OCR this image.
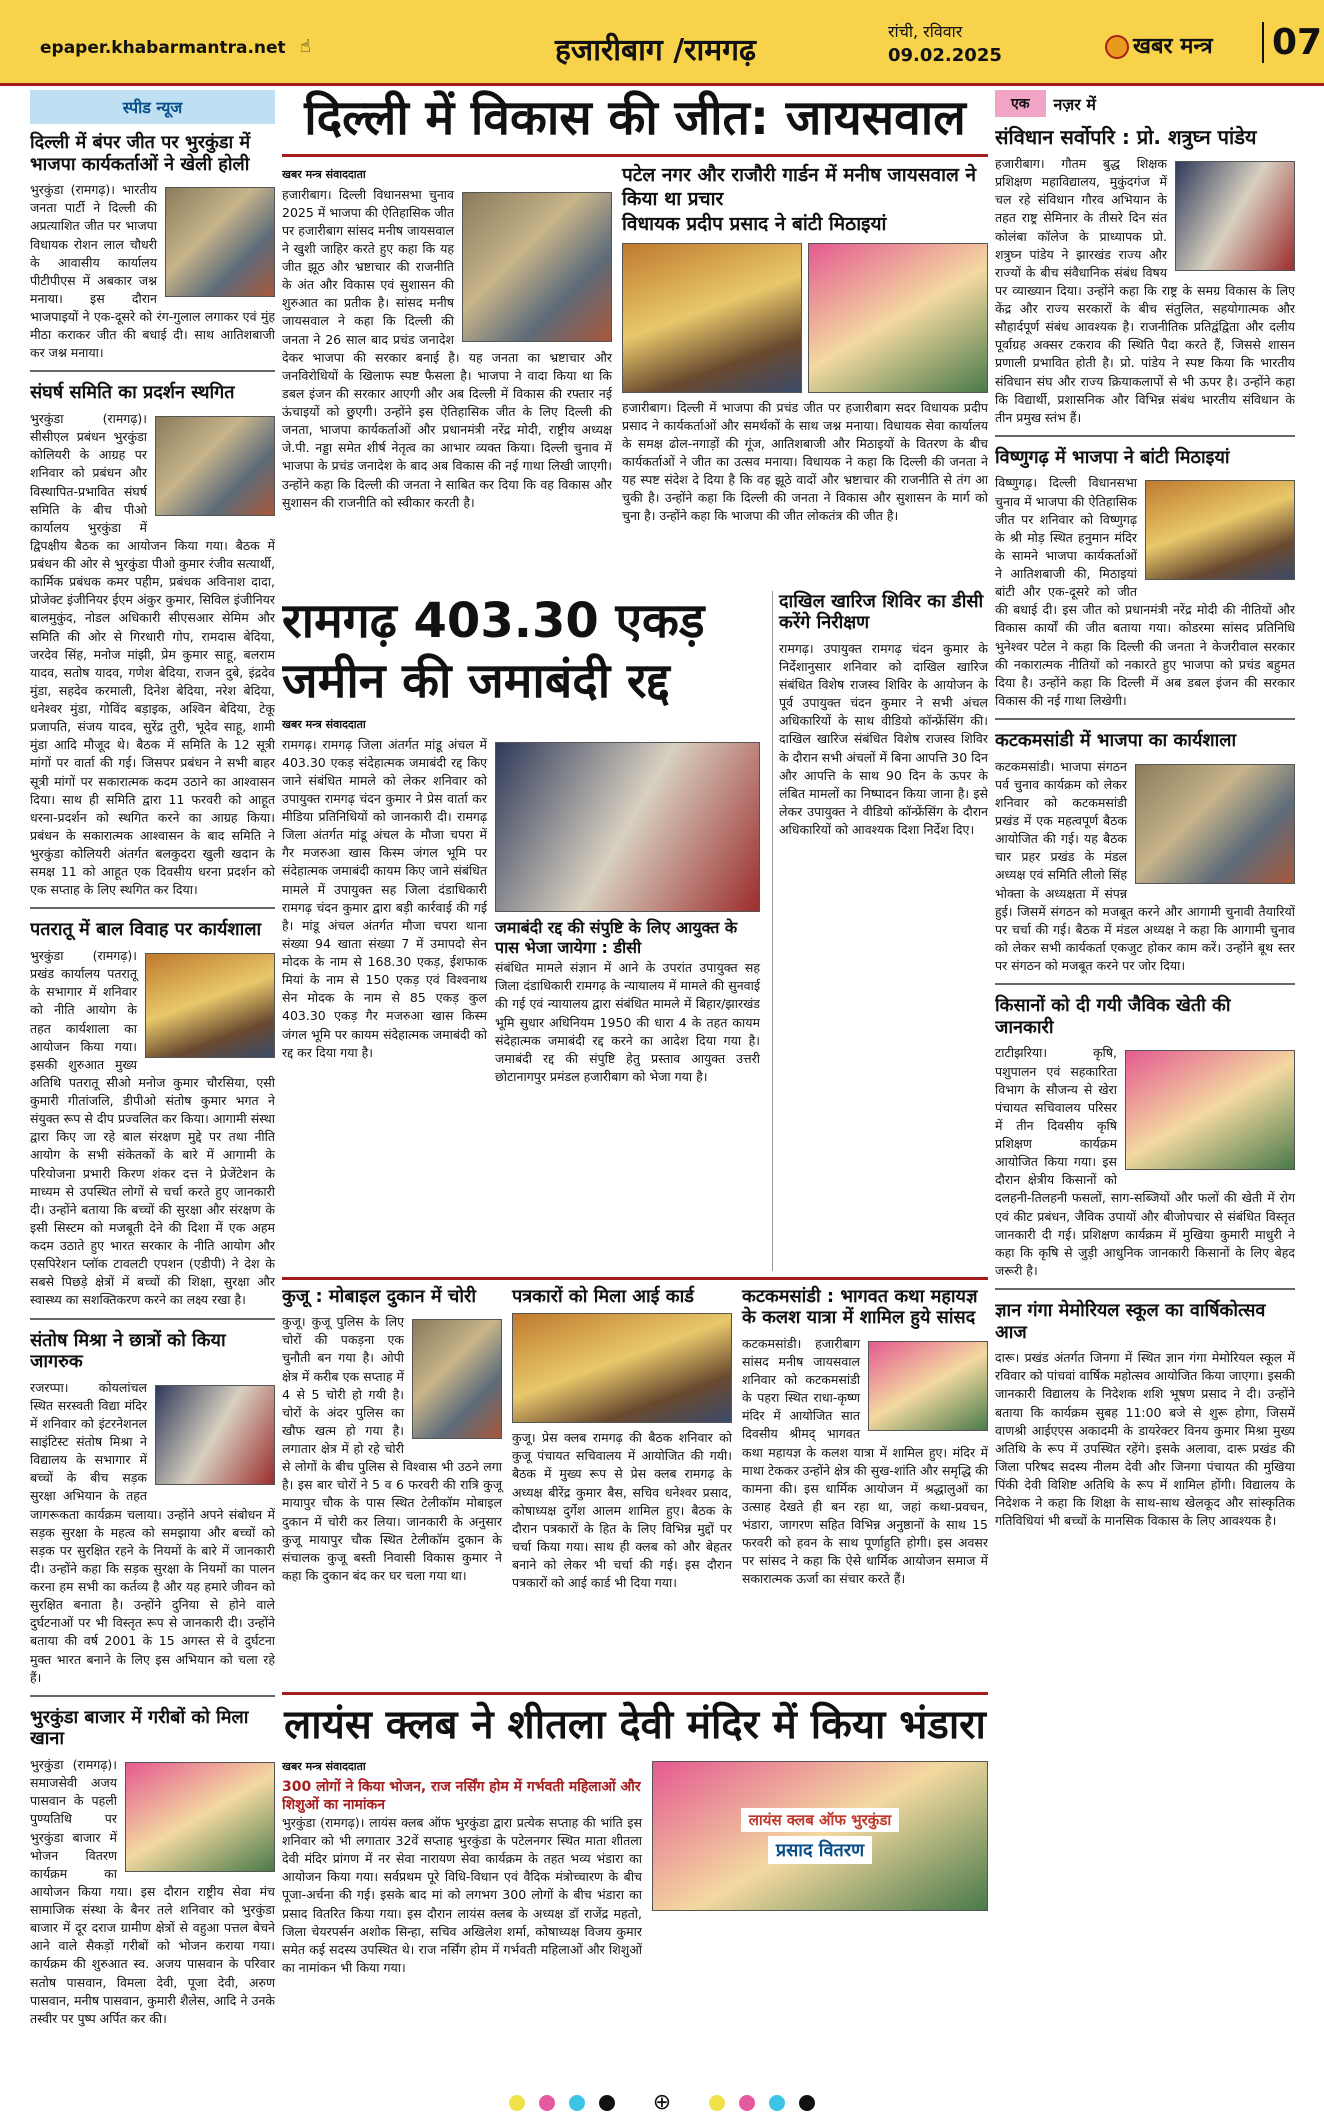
epaper.khabarmantra.net ☝	हजारीबाग /रामगढ़
रांची, रविवार
09.02.2025	खबर मन्त्र 07
स्पीड न्यूज
दिल्ली में बंपर जीत पर भुरकुंडा में भाजपा कार्यकर्ताओं ने खेली होली
भुरकुंडा (रामगढ़)। भारतीय जनता पार्टी ने दिल्ली की अप्रत्याशित जीत पर भाजपा विधायक रोशन लाल चौधरी के आवासीय कार्यालय पीटीपीएस में अबकार जश्न मनाया। इस दौरान भाजपाइयों ने एक-दूसरे को रंग-गुलाल लगाकर एवं मुंह मीठा कराकर जीत की बधाई दी। साथ आतिशबाजी कर जश्न मनाया।
संघर्ष समिति का प्रदर्शन स्थगित
भुरकुंडा (रामगढ़)। सीसीएल प्रबंधन भुरकुंडा कोलियरी के आग्रह पर शनिवार को प्रबंधन और विस्थापित-प्रभावित संघर्ष समिति के बीच पीओ कार्यालय भुरकुंडा में द्विपक्षीय बैठक का आयोजन किया गया। बैठक में प्रबंधन की ओर से भुरकुंडा पीओ कुमार रंजीव सत्यार्थी, कार्मिक प्रबंधक कमर पहीम, प्रबंधक अविनाश दादा, प्रोजेक्ट इंजीनियर ईएम अंकुर कुमार, सिविल इंजीनियर बालमुकुंद, नोडल अधिकारी सीएसआर सेमिम और समिति की ओर से गिरधारी गोप, रामदास बेदिया, जरदेव सिंह, मनोज मांझी, प्रेम कुमार साहू, बलराम यादव, सतोष यादव, गणेश बेदिया, राजन दुबे, इंद्रदेव मुंडा, सहदेव करमाली, दिनेश बेदिया, नरेश बेदिया, धनेश्वर मुंडा, गोविंद बड़ाइक, अश्विन बेदिया, टेकू प्रजापति, संजय यादव, सुरेंद्र तुरी, भूदेव साहू, शामी मुंडा आदि मौजूद थे। बैठक में समिति के 12 सूत्री मांगों पर वार्ता की गई। जिसपर प्रबंधन ने सभी बाहर सूत्री मांगों पर सकारात्मक कदम उठाने का आश्वासन दिया। साथ ही समिति द्वारा 11 फरवरी को आहूत धरना-प्रदर्शन को स्थगित करने का आग्रह किया। प्रबंधन के सकारात्मक आश्वासन के बाद समिति ने भुरकुंडा कोलियरी अंतर्गत बलकुदरा खुली खदान के समक्ष 11 को आहूत एक दिवसीय धरना प्रदर्शन को एक सप्ताह के लिए स्थगित कर दिया।
पतरातू में बाल विवाह पर कार्यशाला
भुरकुंडा (रामगढ़)। प्रखंड कार्यालय पतरातू के सभागार में शनिवार को नीति आयोग के तहत कार्यशाला का आयोजन किया गया। इसकी शुरुआत मुख्य अतिथि पतरातू सीओ मनोज कुमार चौरसिया, एसी कुमारी गीतांजलि, डीपीओ संतोष कुमार भगत ने संयुक्त रूप से दीप प्रज्वलित कर किया। आगामी संस्था द्वारा किए जा रहे बाल संरक्षण मुद्दे पर तथा नीति आयोग के सभी संकेतकों के बारे में आगामी के परियोजना प्रभारी किरण शंकर दत्त ने प्रेजेंटेशन के माध्यम से उपस्थित लोगों से चर्चा करते हुए जानकारी दी। उन्होंने बताया कि बच्चों की सुरक्षा और संरक्षण के इसी सिस्टम को मजबूती देने की दिशा में एक अहम कदम उठाते हुए भारत सरकार के नीति आयोग और एसपिरेशन प्लॉक टावलटी एपशन (एडीपी) ने देश के सबसे पिछड़े क्षेत्रों में बच्चों की शिक्षा, सुरक्षा और स्वास्थ्य का सशक्तिकरण करने का लक्ष्य रखा है।
संतोष मिश्रा ने छात्रों को किया जागरुक
रजरप्पा। कोयलांचल स्थित सरस्वती विद्या मंदिर में शनिवार को इंटरनेशनल साइंटिस्ट संतोष मिश्रा ने विद्यालय के सभागार में बच्चों के बीच सड़क सुरक्षा अभियान के तहत जागरूकता कार्यक्रम चलाया। उन्होंने अपने संबोधन में सड़क सुरक्षा के महत्व को समझाया और बच्चों को सड़क पर सुरक्षित रहने के नियमों के बारे में जानकारी दी। उन्होंने कहा कि सड़क सुरक्षा के नियमों का पालन करना हम सभी का कर्तव्य है और यह हमारे जीवन को सुरक्षित बनाता है। उन्होंने दुनिया से होने वाले दुर्घटनाओं पर भी विस्तृत रूप से जानकारी दी। उन्होंने बताया की वर्ष 2001 के 15 अगस्त से वे दुर्घटना मुक्त भारत बनाने के लिए इस अभियान को चला रहे हैं।
भुरकुंडा बाजार में गरीबों को मिला खाना
भुरकुंडा (रामगढ़)। समाजसेवी अजय पासवान के पहली पुण्यतिथि पर भुरकुंडा बाजार में भोजन वितरण कार्यक्रम का आयोजन किया गया। इस दौरान राष्ट्रीय सेवा मंच सामाजिक संस्था के बैनर तले शनिवार को भुरकुंडा बाजार में दूर दराज ग्रामीण क्षेत्रों से वहुआ पत्तल बेचने आने वाले सैकड़ों गरीबों को भोजन कराया गया। कार्यक्रम की शुरुआत स्व. अजय पासवान के परिवार सतोष पासवान, विमला देवी, पूजा देवी, अरुण पासवान, मनीष पासवान, कुमारी शैलेस, आदि ने उनके तस्वीर पर पुष्प अर्पित कर की।
दिल्ली में विकास की जीत: जायसवाल
खबर मन्त्र संवाददाता
हजारीबाग। दिल्ली विधानसभा चुनाव 2025 में भाजपा की ऐतिहासिक जीत पर हजारीबाग सांसद मनीष जायसवाल ने खुशी जाहिर करते हुए कहा कि यह जीत झूठ और भ्रष्टाचार की राजनीति के अंत और विकास एवं सुशासन की शुरुआत का प्रतीक है। सांसद मनीष जायसवाल ने कहा कि दिल्ली की जनता ने 26 साल बाद प्रचंड जनादेश देकर भाजपा की सरकार बनाई है। यह जनता का भ्रष्टाचार और जनविरोधियों के खिलाफ स्पष्ट फैसला है। भाजपा ने वादा किया था कि डबल इंजन की सरकार आएगी और अब दिल्ली में विकास की रफ्तार नई ऊंचाइयों को छुएगी। उन्होंने इस ऐतिहासिक जीत के लिए दिल्ली की जनता, भाजपा कार्यकर्ताओं और प्रधानमंत्री नरेंद्र मोदी, राष्ट्रीय अध्यक्ष जे.पी. नड्डा समेत शीर्ष नेतृत्व का आभार व्यक्त किया। दिल्ली चुनाव में भाजपा के प्रचंड जनादेश के बाद अब विकास की नई गाथा लिखी जाएगी। उन्होंने कहा कि दिल्ली की जनता ने साबित कर दिया कि वह विकास और सुशासन की राजनीति को स्वीकार करती है।
पटेल नगर और राजौरी गार्डन में मनीष जायसवाल ने किया था प्रचार
विधायक प्रदीप प्रसाद ने बांटी मिठाइयां
हजारीबाग। दिल्ली में भाजपा की प्रचंड जीत पर हजारीबाग सदर विधायक प्रदीप प्रसाद ने कार्यकर्ताओं और समर्थकों के साथ जश्न मनाया। विधायक सेवा कार्यालय के समक्ष ढोल-नगाड़ों की गूंज, आतिशबाजी और मिठाइयों के वितरण के बीच कार्यकर्ताओं ने जीत का उत्सव मनाया। विधायक ने कहा कि दिल्ली की जनता ने यह स्पष्ट संदेश दे दिया है कि वह झूठे वादों और भ्रष्टाचार की राजनीति से तंग आ चुकी है। उन्होंने कहा कि दिल्ली की जनता ने विकास और सुशासन के मार्ग को चुना है। उन्होंने कहा कि भाजपा की जीत लोकतंत्र की जीत है।
रामगढ़ 403.30 एकड़ जमीन की जमाबंदी रद्द
खबर मन्त्र संवाददाता
रामगढ़। रामगढ़ जिला अंतर्गत मांडू अंचल में 403.30 एकड़ संदेहात्मक जमाबंदी रद्द किए जाने संबंधित मामले को लेकर शनिवार को उपायुक्त रामगढ़ चंदन कुमार ने प्रेस वार्ता कर मीडिया प्रतिनिधियों को जानकारी दी। रामगढ़ जिला अंतर्गत मांडू अंचल के मौजा चपरा में गैर मजरुआ खास किस्म जंगल भूमि पर संदेहात्मक जमाबंदी कायम किए जाने संबंधित मामले में उपायुक्त सह जिला दंडाधिकारी रामगढ़ चंदन कुमार द्वारा बड़ी कार्रवाई की गई है। मांडू अंचल अंतर्गत मौजा चपरा थाना संख्या 94 खाता संख्या 7 में उमापदो सेन मोदक के नाम से 168.30 एकड़, ईशफाक मियां के नाम से 150 एकड़ एवं विश्वनाथ सेन मोदक के नाम से 85 एकड़ कुल 403.30 एकड़ गैर मजरुआ खास किस्म जंगल भूमि पर कायम संदेहात्मक जमाबंदी को रद्द कर दिया गया है।
जमाबंदी रद्द की संपुष्टि के लिए आयुक्त के पास भेजा जायेगा : डीसी
संबंधित मामले संज्ञान में आने के उपरांत उपायुक्त सह जिला दंडाधिकारी रामगढ़ के न्यायालय में मामले की सुनवाई की गई एवं न्यायालय द्वारा संबंधित मामले में बिहार/झारखंड भूमि सुधार अधिनियम 1950 की धारा 4 के तहत कायम संदेहात्मक जमाबंदी रद्द करने का आदेश दिया गया है। जमाबंदी रद्द की संपुष्टि हेतु प्रस्ताव आयुक्त उत्तरी छोटानागपुर प्रमंडल हजारीबाग को भेजा गया है।
दाखिल खारिज शिविर का डीसी करेंगे निरीक्षण
रामगढ़। उपायुक्त रामगढ़ चंदन कुमार के निर्देशानुसार शनिवार को दाखिल खारिज संबंधित विशेष राजस्व शिविर के आयोजन के पूर्व उपायुक्त चंदन कुमार ने सभी अंचल अधिकारियों के साथ वीडियो कॉन्फ्रेंसिंग की। दाखिल खारिज संबंधित विशेष राजस्व शिविर के दौरान सभी अंचलों में बिना आपत्ति 30 दिन और आपत्ति के साथ 90 दिन के ऊपर के लंबित मामलों का निष्पादन किया जाना है। इसे लेकर उपायुक्त ने वीडियो कॉन्फ्रेंसिंग के दौरान अधिकारियों को आवश्यक दिशा निर्देश दिए।
कुजू : मोबाइल दुकान में चोरी
कुजू। कुजू पुलिस के लिए चोरों की पकड़ना एक चुनौती बन गया है। ओपी क्षेत्र में करीब एक सप्ताह में 4 से 5 चोरी हो गयी है। चोरों के अंदर पुलिस का खौफ खत्म हो गया है। लगातार क्षेत्र में हो रहे चोरी से लोगों के बीच पुलिस से विश्वास भी उठने लगा है। इस बार चोरों ने 5 व 6 फरवरी की रात्रि कुजू मायापुर चौक के पास स्थित टेलीकॉम मोबाइल दुकान में चोरी कर लिया। जानकारी के अनुसार कुजू मायापुर चौक स्थित टेलीकॉम दुकान के संचालक कुजू बस्ती निवासी विकास कुमार ने कहा कि दुकान बंद कर घर चला गया था।
पत्रकारों को मिला आई कार्ड
कुजू। प्रेस क्लब रामगढ़ की बैठक शनिवार को कुजू पंचायत सचिवालय में आयोजित की गयी। बैठक में मुख्य रूप से प्रेस क्लब रामगढ़ के अध्यक्ष बीरेंद्र कुमार बैस, सचिव धनेश्वर प्रसाद, कोषाध्यक्ष दुर्गेश आलम शामिल हुए। बैठक के दौरान पत्रकारों के हित के लिए विभिन्न मुद्दों पर चर्चा किया गया। साथ ही क्लब को और बेहतर बनाने को लेकर भी चर्चा की गई। इस दौरान पत्रकारों को आई कार्ड भी दिया गया।
कटकमसांडी : भागवत कथा महायज्ञ के कलश यात्रा में शामिल हुये सांसद
कटकमसांडी। हजारीबाग सांसद मनीष जायसवाल शनिवार को कटकमसांडी के पहरा स्थित राधा-कृष्ण मंदिर में आयोजित सात दिवसीय श्रीमद् भागवत कथा महायज्ञ के कलश यात्रा में शामिल हुए। मंदिर में माथा टेककर उन्होंने क्षेत्र की सुख-शांति और समृद्धि की कामना की। इस धार्मिक आयोजन में श्रद्धालुओं का उत्साह देखते ही बन रहा था, जहां कथा-प्रवचन, भंडारा, जागरण सहित विभिन्न अनुष्ठानों के साथ 15 फरवरी को हवन के साथ पूर्णाहुति होगी। इस अवसर पर सांसद ने कहा कि ऐसे धार्मिक आयोजन समाज में सकारात्मक ऊर्जा का संचार करते हैं।
लायंस क्लब ने शीतला देवी मंदिर में किया भंडारा
खबर मन्त्र संवाददाता
300 लोगों ने किया भोजन, राज नर्सिंग होम में गर्भवती महिलाओं और शिशुओं का नामांकन
भुरकुंडा (रामगढ़)। लायंस क्लब ऑफ भुरकुंडा द्वारा प्रत्येक सप्ताह की भांति इस शनिवार को भी लगातार 32वें सप्ताह भुरकुंडा के पटेलनगर स्थित माता शीतला देवी मंदिर प्रांगण में नर सेवा नारायण सेवा कार्यक्रम के तहत भव्य भंडारा का आयोजन किया गया। सर्वप्रथम पूरे विधि-विधान एवं वैदिक मंत्रोच्चारण के बीच पूजा-अर्चना की गई। इसके बाद मां को लगभग 300 लोगों के बीच भंडारा का प्रसाद वितरित किया गया। इस दौरान लायंस क्लब के अध्यक्ष डॉ राजेंद्र महतो, जिला चेयरपर्सन अशोक सिन्हा, सचिव अखिलेश शर्मा, कोषाध्यक्ष विजय कुमार समेत कई सदस्य उपस्थित थे। राज नर्सिंग होम में गर्भवती महिलाओं और शिशुओं का नामांकन भी किया गया।
लायंस क्लब ऑफ भुरकुंडा
प्रसाद वितरण
एक	नज़र में
संविधान सर्वोपरि : प्रो. शत्रुघ्न पांडेय
हजारीबाग। गौतम बुद्ध शिक्षक प्रशिक्षण महाविद्यालय, मुकुंदगंज में चल रहे संविधान गौरव अभियान के तहत राष्ट्र सेमिनार के तीसरे दिन संत कोलंबा कॉलेज के प्राध्यापक प्रो. शत्रुघ्न पांडेय ने झारखंड राज्य और राज्यों के बीच संवैधानिक संबंध विषय पर व्याख्यान दिया। उन्होंने कहा कि राष्ट्र के समग्र विकास के लिए केंद्र और राज्य सरकारों के बीच संतुलित, सहयोगात्मक और सौहार्दपूर्ण संबंध आवश्यक है। राजनीतिक प्रतिद्वंद्विता और दलीय पूर्वाग्रह अक्सर टकराव की स्थिति पैदा करते हैं, जिससे शासन प्रणाली प्रभावित होती है। प्रो. पांडेय ने स्पष्ट किया कि भारतीय संविधान संघ और राज्य क्रियाकलापों से भी ऊपर है। उन्होंने कहा कि विद्यार्थी, प्रशासनिक और विभिन्न संबंध भारतीय संविधान के तीन प्रमुख स्तंभ हैं।
विष्णुगढ़ में भाजपा ने बांटी मिठाइयां
विष्णुगढ़। दिल्ली विधानसभा चुनाव में भाजपा की ऐतिहासिक जीत पर शनिवार को विष्णुगढ़ के श्री मोड़ स्थित हनुमान मंदिर के सामने भाजपा कार्यकर्ताओं ने आतिशबाजी की, मिठाइयां बांटी और एक-दूसरे को जीत की बधाई दी। इस जीत को प्रधानमंत्री नरेंद्र मोदी की नीतियों और विकास कार्यों की जीत बताया गया। कोडरमा सांसद प्रतिनिधि भुनेश्वर पटेल ने कहा कि दिल्ली की जनता ने केजरीवाल सरकार की नकारात्मक नीतियों को नकारते हुए भाजपा को प्रचंड बहुमत दिया है। उन्होंने कहा कि दिल्ली में अब डबल इंजन की सरकार विकास की नई गाथा लिखेगी।
कटकमसांडी में भाजपा का कार्यशाला
कटकमसांडी। भाजपा संगठन पर्व चुनाव कार्यक्रम को लेकर शनिवार को कटकमसांडी प्रखंड में एक महत्वपूर्ण बैठक आयोजित की गई। यह बैठक चार प्रहर प्रखंड के मंडल अध्यक्ष एवं समिति लीलो सिंह भोक्ता के अध्यक्षता में संपन्न हुई। जिसमें संगठन को मजबूत करने और आगामी चुनावी तैयारियों पर चर्चा की गई। बैठक में मंडल अध्यक्ष ने कहा कि आगामी चुनाव को लेकर सभी कार्यकर्ता एकजुट होकर काम करें। उन्होंने बूथ स्तर पर संगठन को मजबूत करने पर जोर दिया।
किसानों को दी गयी जैविक खेती की जानकारी
टाटीझरिया। कृषि, पशुपालन एवं सहकारिता विभाग के सौजन्य से खेरा पंचायत सचिवालय परिसर में तीन दिवसीय कृषि प्रशिक्षण कार्यक्रम आयोजित किया गया। इस दौरान क्षेत्रीय किसानों को दलहनी-तिलहनी फसलों, साग-सब्जियों और फलों की खेती में रोग एवं कीट प्रबंधन, जैविक उपायों और बीजोपचार से संबंधित विस्तृत जानकारी दी गई। प्रशिक्षण कार्यक्रम में मुखिया कुमारी माधुरी ने कहा कि कृषि से जुड़ी आधुनिक जानकारी किसानों के लिए बेहद जरूरी है।
ज्ञान गंगा मेमोरियल स्कूल का वार्षिकोत्सव आज
दारू। प्रखंड अंतर्गत जिनगा में स्थित ज्ञान गंगा मेमोरियल स्कूल में रविवार को पांचवां वार्षिक महोत्सव आयोजित किया जाएगा। इसकी जानकारी विद्यालय के निदेशक शशि भूषण प्रसाद ने दी। उन्होंने बताया कि कार्यक्रम सुबह 11:00 बजे से शुरू होगा, जिसमें वाणश्री आईएएस अकादमी के डायरेक्टर विनय कुमार मिश्रा मुख्य अतिथि के रूप में उपस्थित रहेंगे। इसके अलावा, दारू प्रखंड की जिला परिषद सदस्य नीलम देवी और जिनगा पंचायत की मुखिया पिंकी देवी विशिष्ट अतिथि के रूप में शामिल होंगी। विद्यालय के निदेशक ने कहा कि शिक्षा के साथ-साथ खेलकूद और सांस्कृतिक गतिविधियां भी बच्चों के मानसिक विकास के लिए आवश्यक है।
⊕
